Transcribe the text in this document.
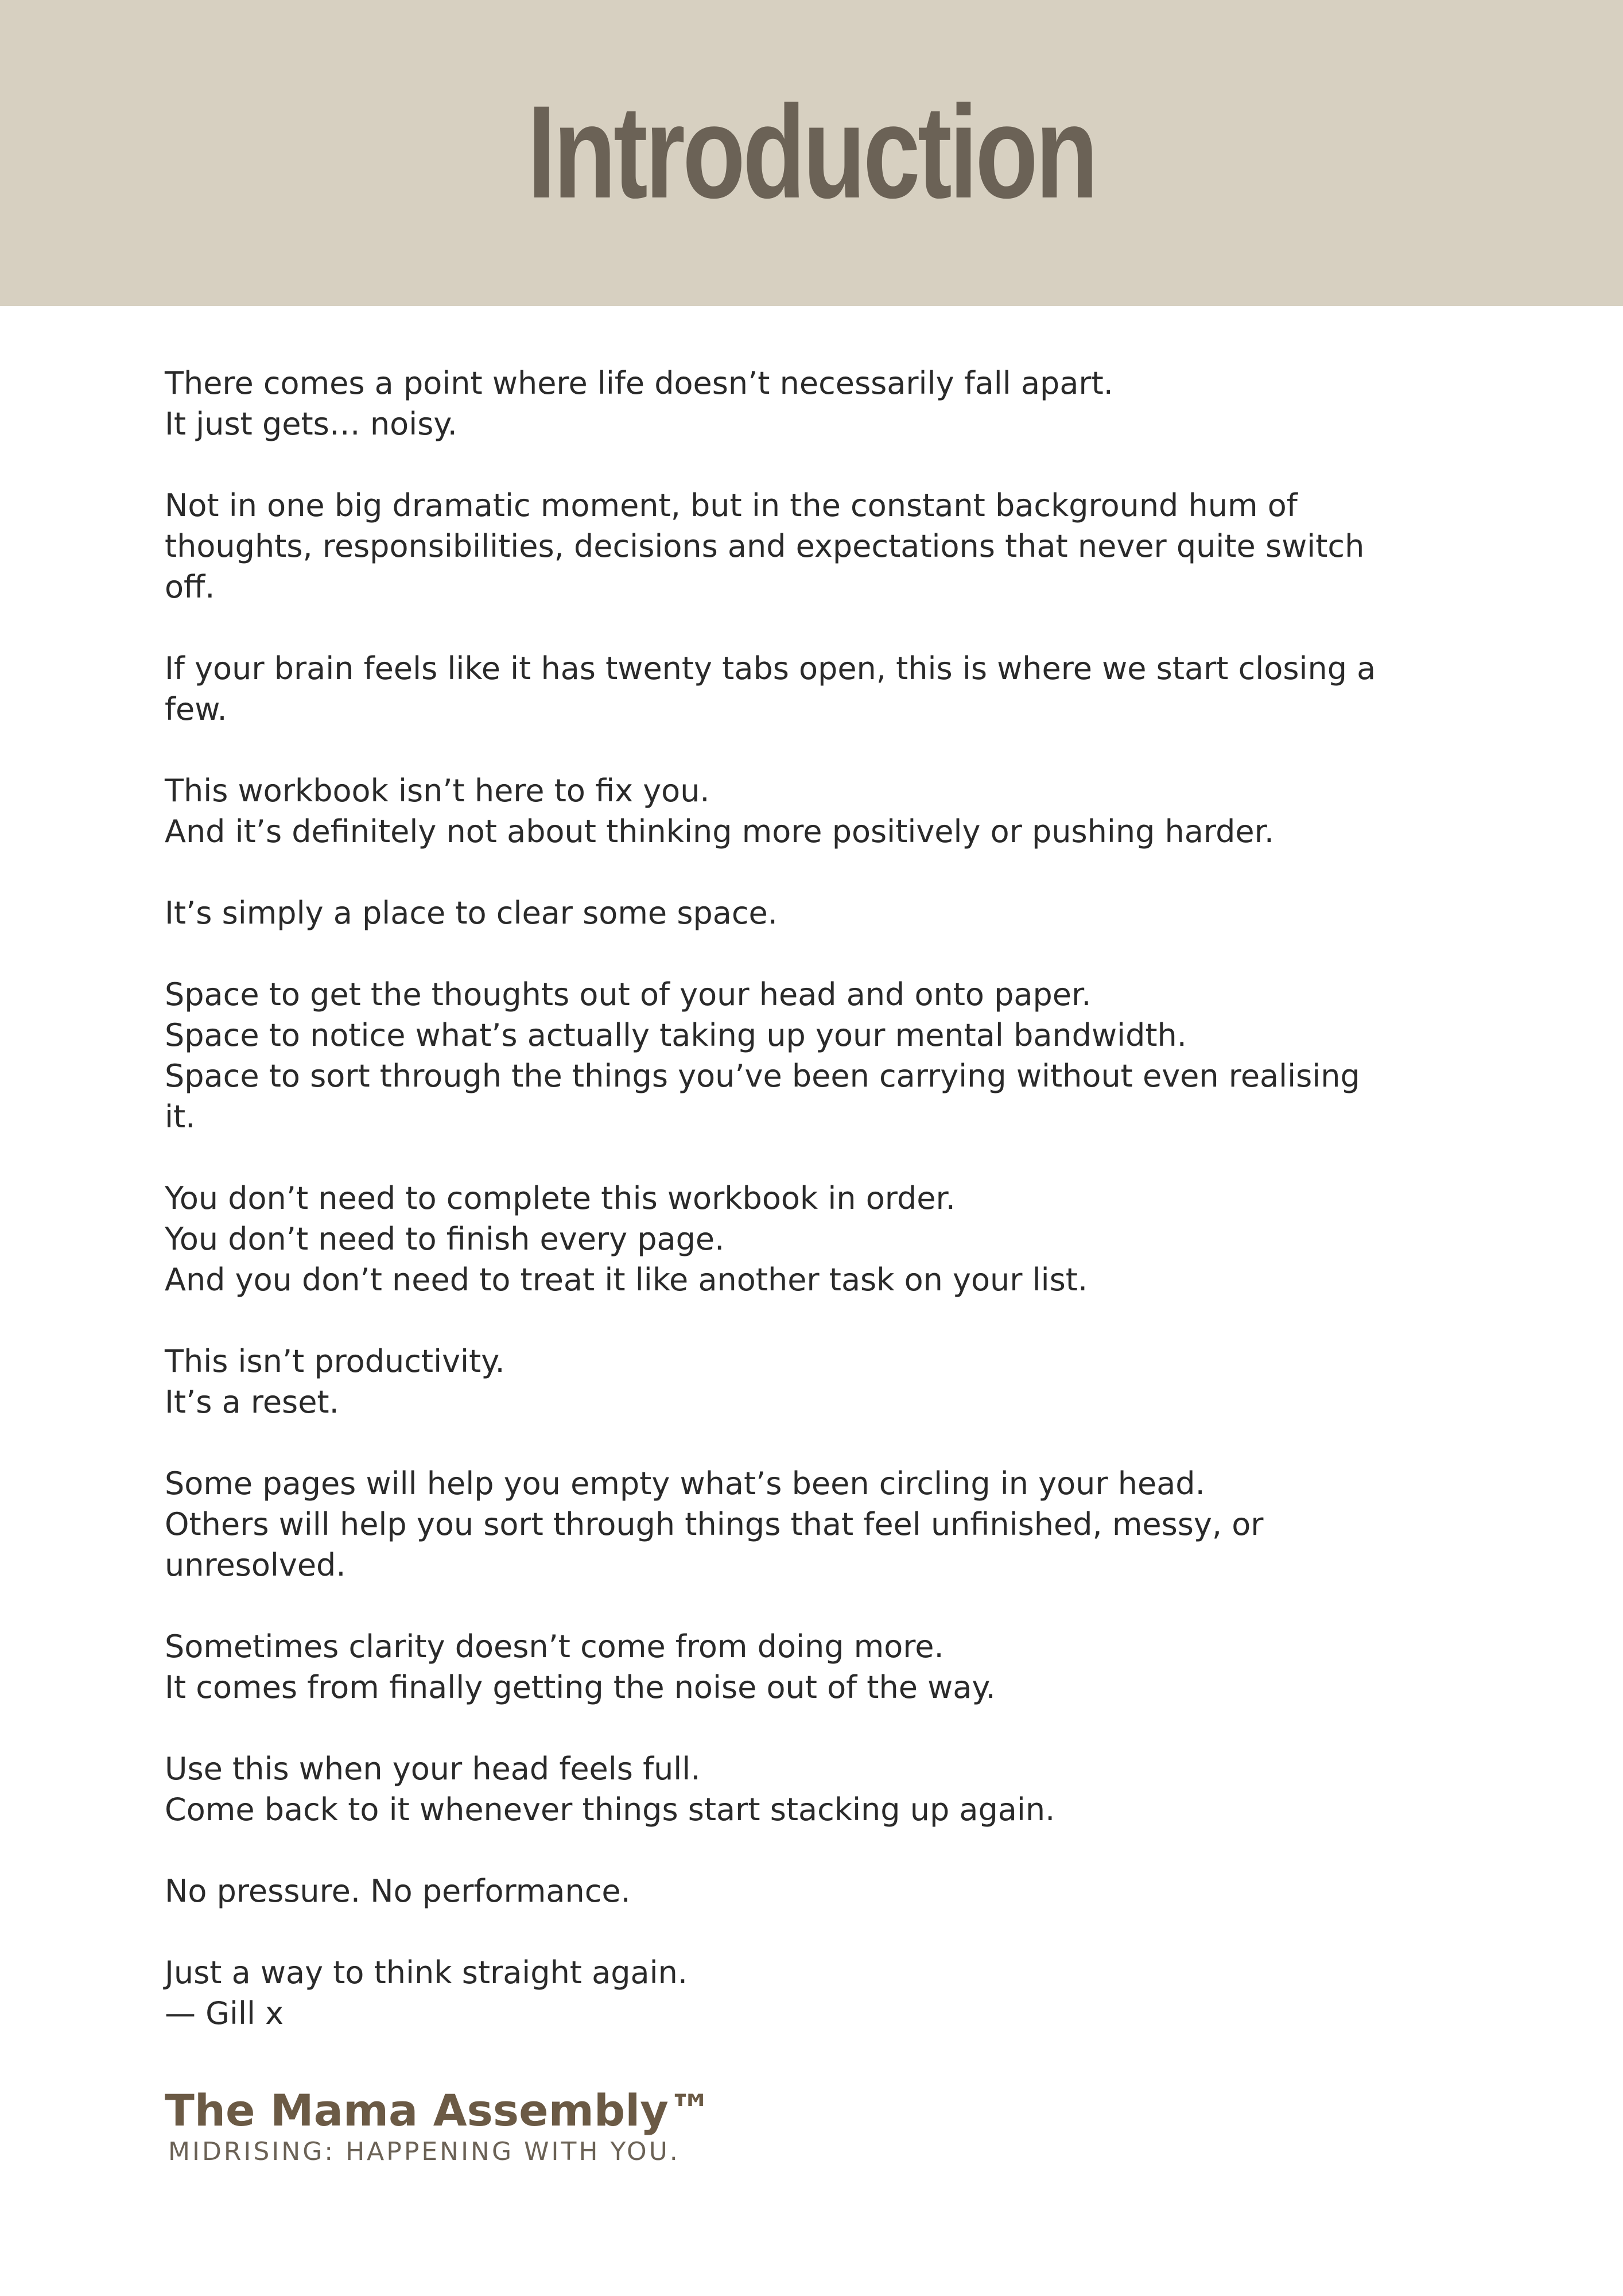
Introduction
There comes a point where life doesn’t necessarily fall apart.
It just gets… noisy.
Not in one big dramatic moment, but in the constant background hum of
thoughts, responsibilities, decisions and expectations that never quite switch
off.
If your brain feels like it has twenty tabs open, this is where we start closing a
few.
This workbook isn’t here to fix you.
And it’s definitely not about thinking more positively or pushing harder.
It’s simply a place to clear some space.
Space to get the thoughts out of your head and onto paper.
Space to notice what’s actually taking up your mental bandwidth.
Space to sort through the things you’ve been carrying without even realising
it.
You don’t need to complete this workbook in order.
You don’t need to finish every page.
And you don’t need to treat it like another task on your list.
This isn’t productivity.
It’s a reset.
Some pages will help you empty what’s been circling in your head.
Others will help you sort through things that feel unfinished, messy, or
unresolved.
Sometimes clarity doesn’t come from doing more.
It comes from finally getting the noise out of the way.
Use this when your head feels full.
Come back to it whenever things start stacking up again.
No pressure. No performance.
Just a way to think straight again.
— Gill x
The Mama Assembly™
MIDRISING: HAPPENING WITH YOU.
